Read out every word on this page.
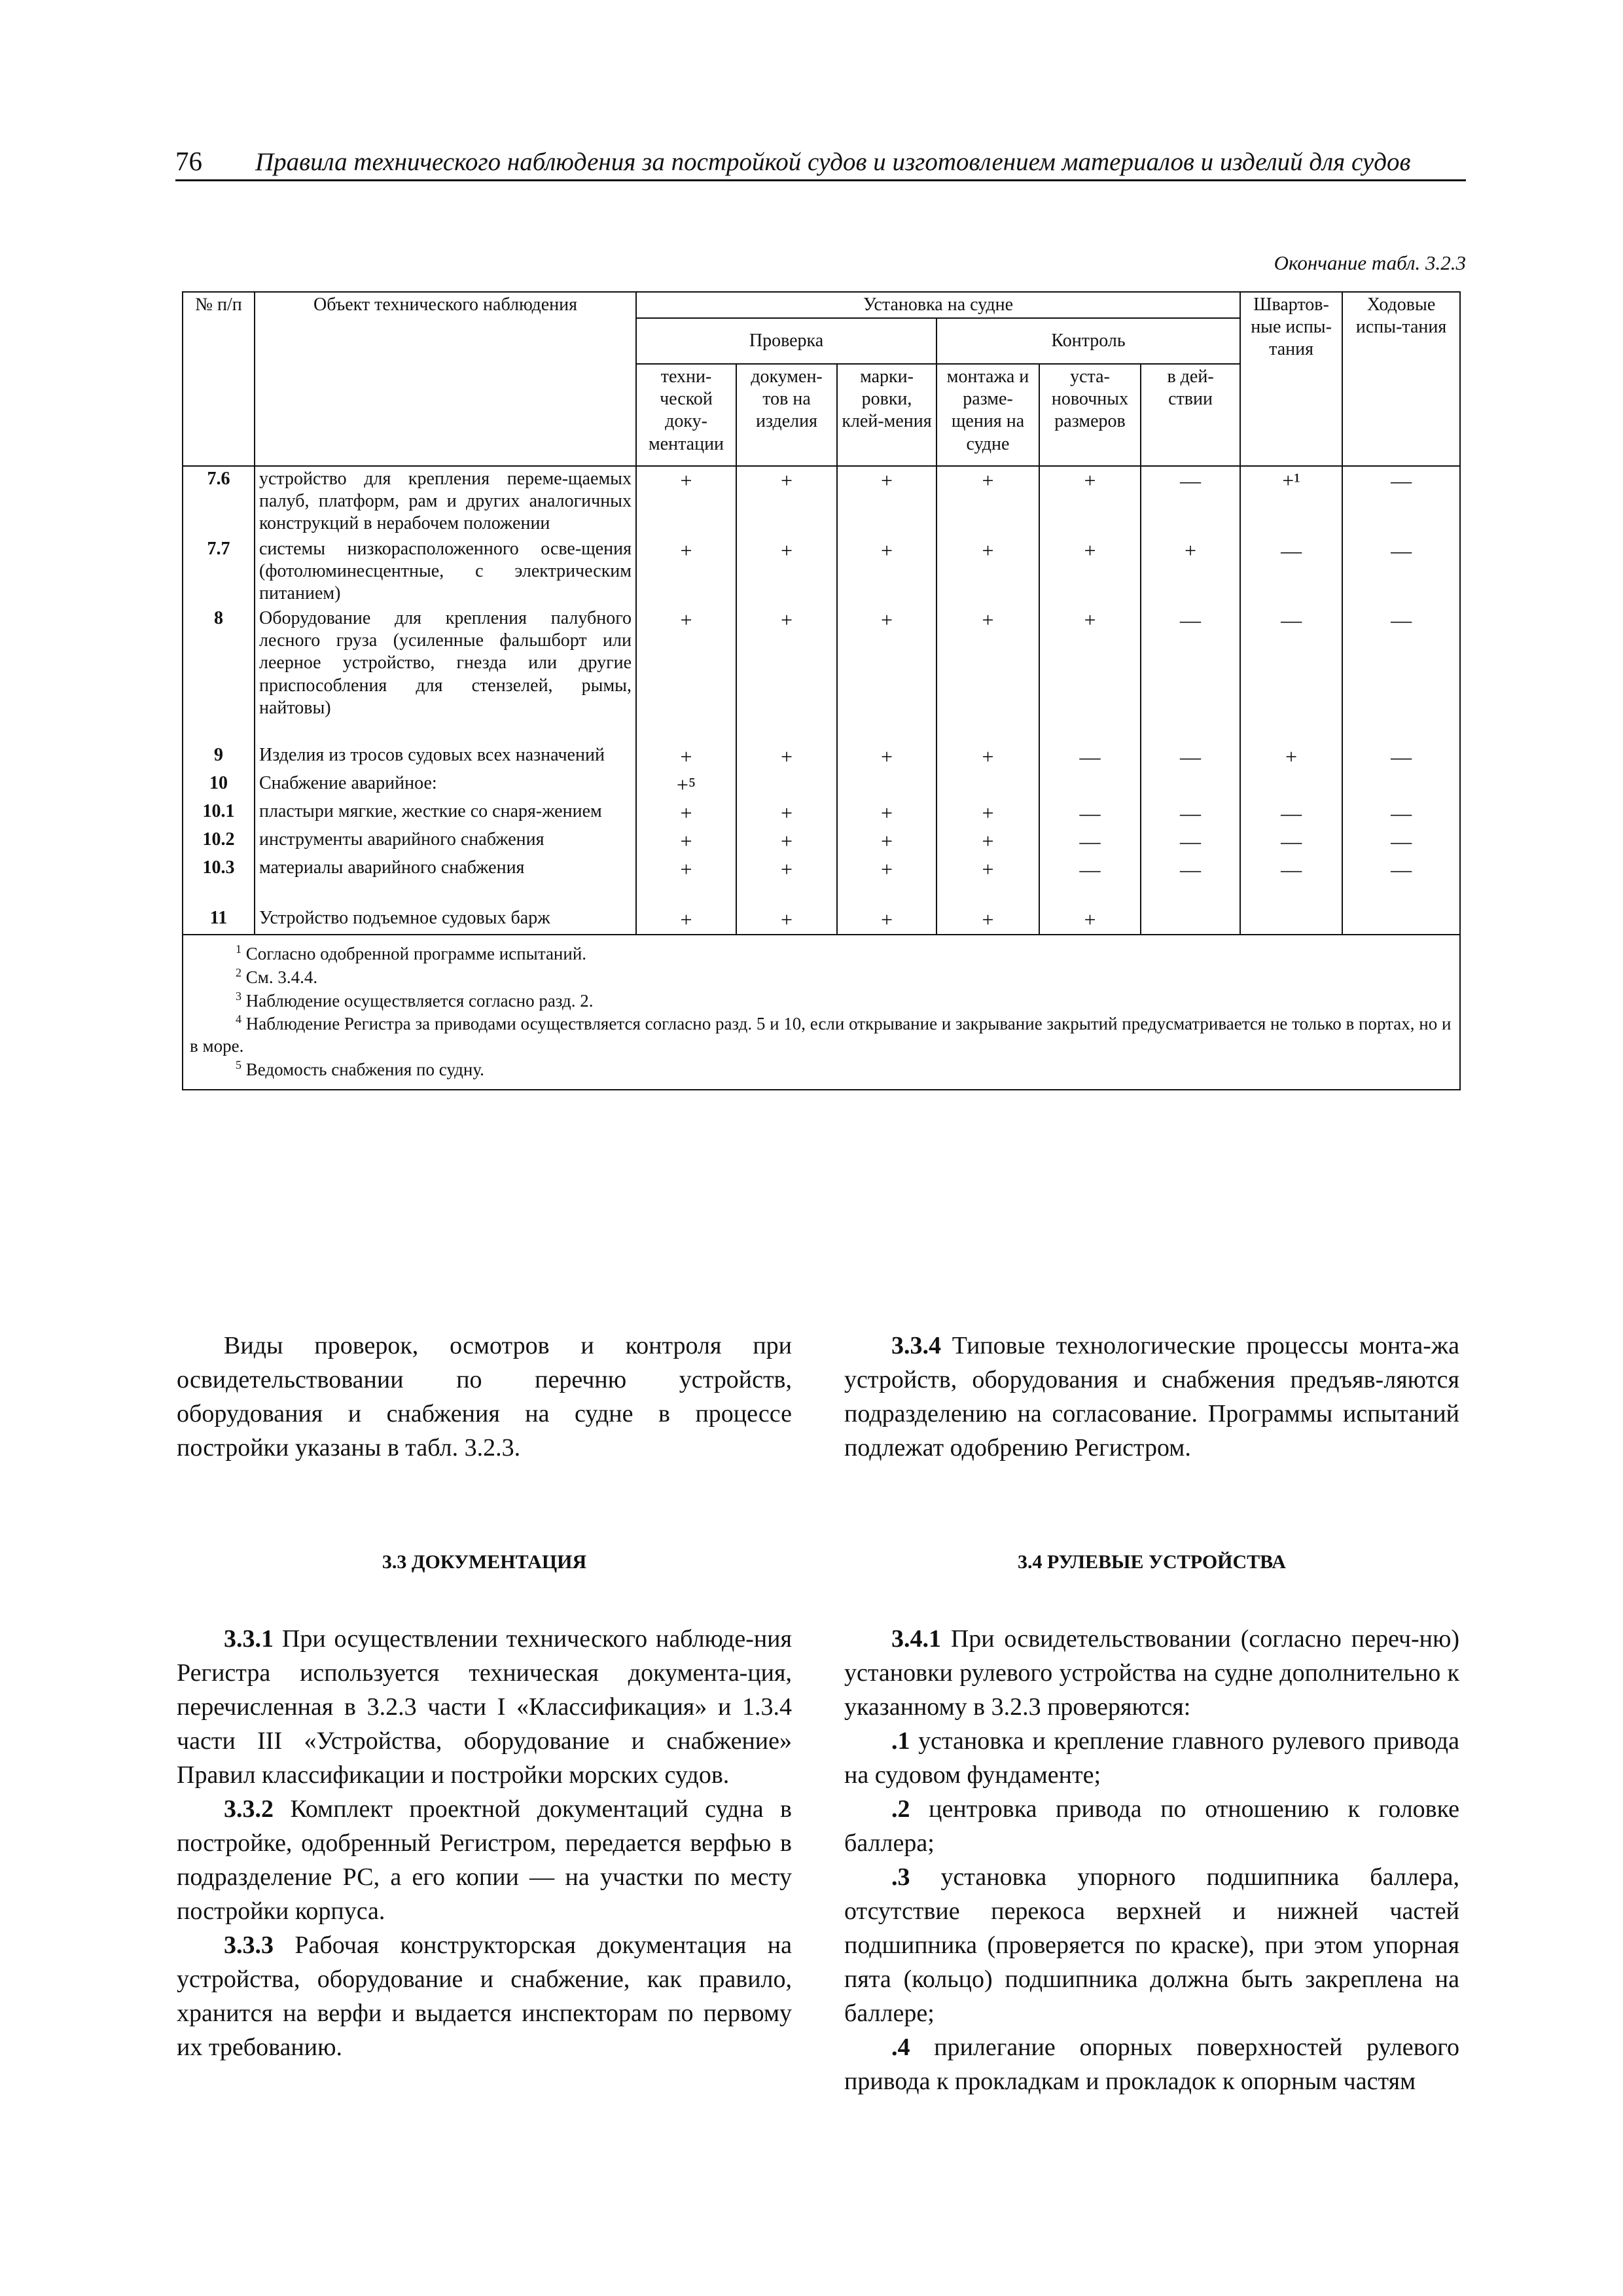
76 Правила технического наблюдения за постройкой судов и изготовлением материалов и изделий для судов
Окончание табл. 3.2.3
№ п/п	Объект технического наблюдения	Установка на судне						Швартов-ные испы-тания	Ходовые испы-тания
		Проверка			Контроль				
		техни-ческой доку-ментации	докумен-тов на изделия	марки-ровки, клей-мения	монтажа и разме-щения на судне	уста-новочных размеров	в дей-ствии		
7.6	устройство для крепления переме-щаемых палуб, платформ, рам и других аналогичных конструкций в нерабочем положении	+	+	+	+	+	—	+¹	—
7.7	системы низкорасположенного осве-щения (фотолюминесцентные, с электрическим питанием)	+	+	+	+	+	+	—	—
8	Оборудование для крепления палубного лесного груза (усиленные фальшборт или леерное устройство, гнезда или другие приспособления для стензелей, рымы, найтовы)	+	+	+	+	+	—	—	—

9	Изделия из тросов судовых всех назначений	+	+	+	+	—	—	+	—
10	Снабжение аварийное:	+⁵							
10.1	пластыри мягкие, жесткие со снаря-жением	+	+	+	+	—	—	—	—
10.2	инструменты аварийного снабжения	+	+	+	+	—	—	—	—
10.3	материалы аварийного снабжения	+	+	+	+	—	—	—	—

11	Устройство подъемное судовых барж	+	+	+	+	+			

$^1$ Согласно одобренной программе испытаний.
$^2$ См. 3.4.4.
$^3$ Наблюдение осуществляется согласно разд. 2.
$^4$ Наблюдение Регистра за приводами осуществляется согласно разд. 5 и 10, если открывание и закрывание закрытий предусматривается не только в портах, но и в море.
$^5$ Ведомость снабжения по судну.									

Виды проверок, осмотров и контроля при освидетельствовании по перечню устройств, оборудования и снабжения на судне в процессе постройки указаны в табл. 3.2.3.

3.3.4 Типовые технологические процессы монта-жа устройств, оборудования и снабжения предъяв-ляются подразделению на согласование. Программы испытаний подлежат одобрению Регистром.

3.3 ДОКУМЕНТАЦИЯ	3.4 РУЛЕВЫЕ УСТРОЙСТВА

3.3.1 При осуществлении технического наблюде-ния Регистра используется техническая документа-ция, перечисленная в 3.2.3 части I «Классификация» и 1.3.4 части III «Устройства, оборудование и снабжение» Правил классификации и постройки морских судов.

3.3.2 Комплект проектной документаций судна в постройке, одобренный Регистром, передается верфью в подразделение РС, а его копии — на участки по месту постройки корпуса.

3.3.3 Рабочая конструкторская документация на устройства, оборудование и снабжение, как правило, хранится на верфи и выдается инспекторам по первому их требованию.

3.4.1 При освидетельствовании (согласно переч-ню) установки рулевого устройства на судне дополнительно к указанному в 3.2.3 проверяются:

.1 установка и крепление главного рулевого привода на судовом фундаменте;

.2 центровка привода по отношению к головке баллера;

.3 установка упорного подшипника баллера, отсутствие перекоса верхней и нижней частей подшипника (проверяется по краске), при этом упорная пята (кольцо) подшипника должна быть закреплена на баллере;

.4 прилегание опорных поверхностей рулевого привода к прокладкам и прокладок к опорным частям
